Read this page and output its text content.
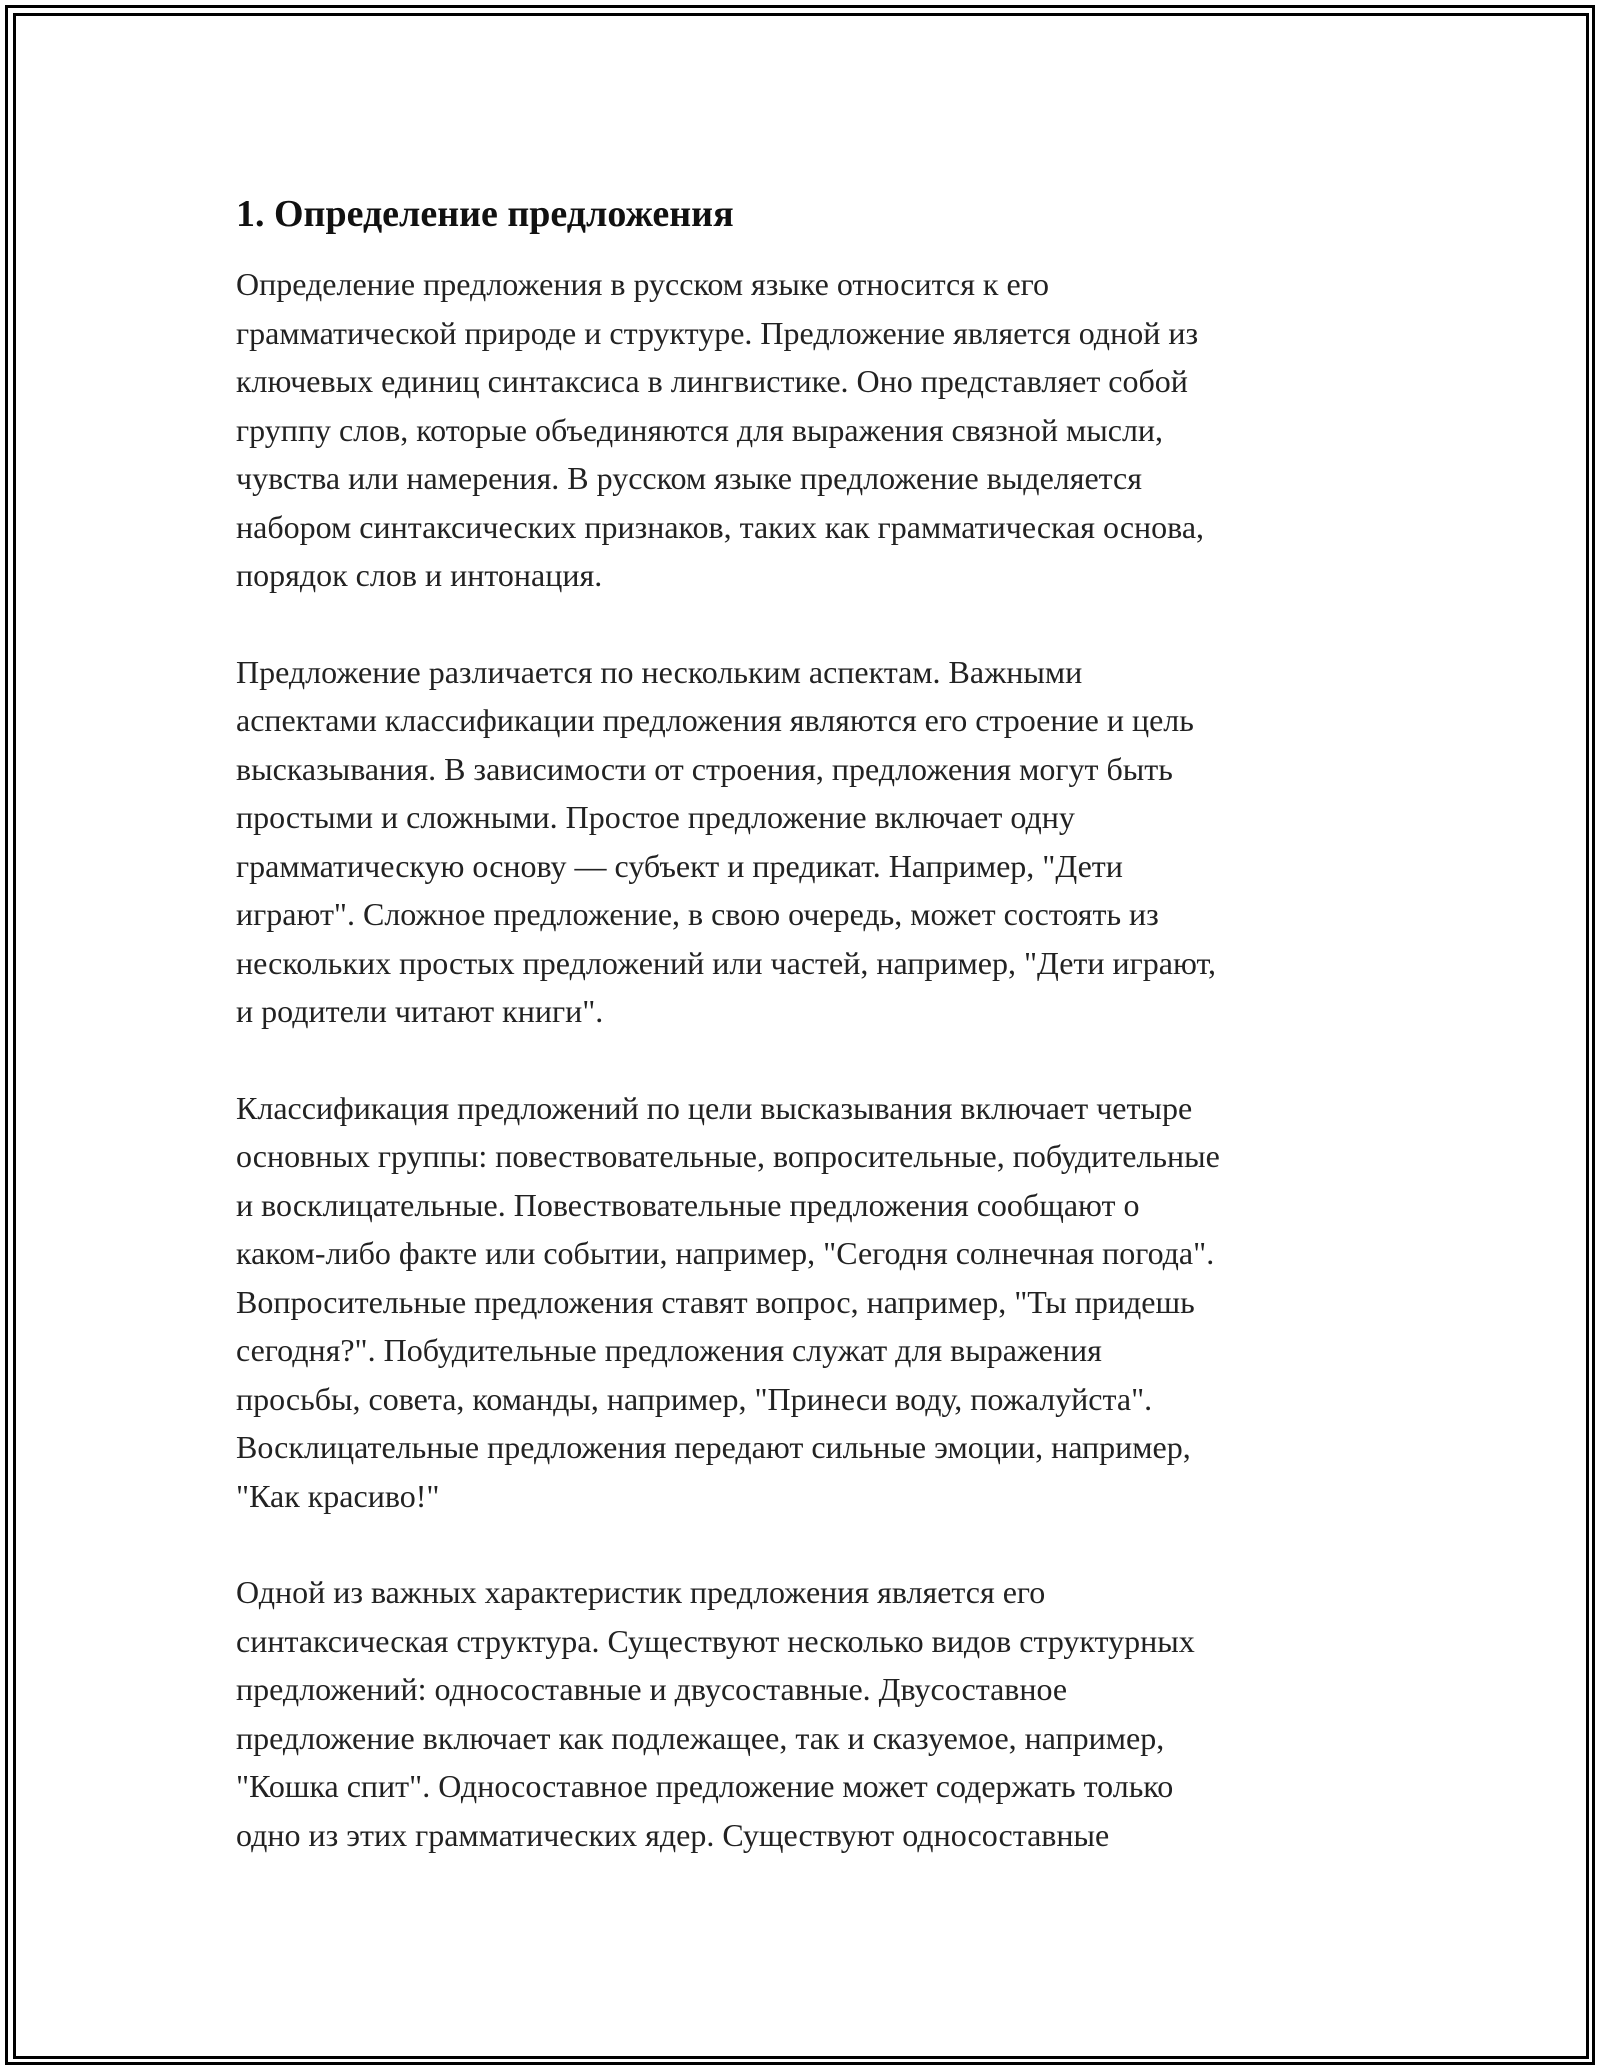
1. Определение предложения

Определение предложения в русском языке относится к его
грамматической природе и структуре. Предложение является одной из
ключевых единиц синтаксиса в лингвистике. Оно представляет собой
группу слов, которые объединяются для выражения связной мысли,
чувства или намерения. В русском языке предложение выделяется
набором синтаксических признаков, таких как грамматическая основа,
порядок слов и интонация.

Предложение различается по нескольким аспектам. Важными
аспектами классификации предложения являются его строение и цель
высказывания. В зависимости от строения, предложения могут быть
простыми и сложными. Простое предложение включает одну
грамматическую основу — субъект и предикат. Например, "Дети
играют". Сложное предложение, в свою очередь, может состоять из
нескольких простых предложений или частей, например, "Дети играют,
и родители читают книги".

Классификация предложений по цели высказывания включает четыре
основных группы: повествовательные, вопросительные, побудительные
и восклицательные. Повествовательные предложения сообщают о
каком-либо факте или событии, например, "Сегодня солнечная погода".
Вопросительные предложения ставят вопрос, например, "Ты придешь
сегодня?". Побудительные предложения служат для выражения
просьбы, совета, команды, например, "Принеси воду, пожалуйста".
Восклицательные предложения передают сильные эмоции, например,
"Как красиво!"

Одной из важных характеристик предложения является его
синтаксическая структура. Существуют несколько видов структурных
предложений: односоставные и двусоставные. Двусоставное
предложение включает как подлежащее, так и сказуемое, например,
"Кошка спит". Односоставное предложение может содержать только
одно из этих грамматических ядер. Существуют односоставные
